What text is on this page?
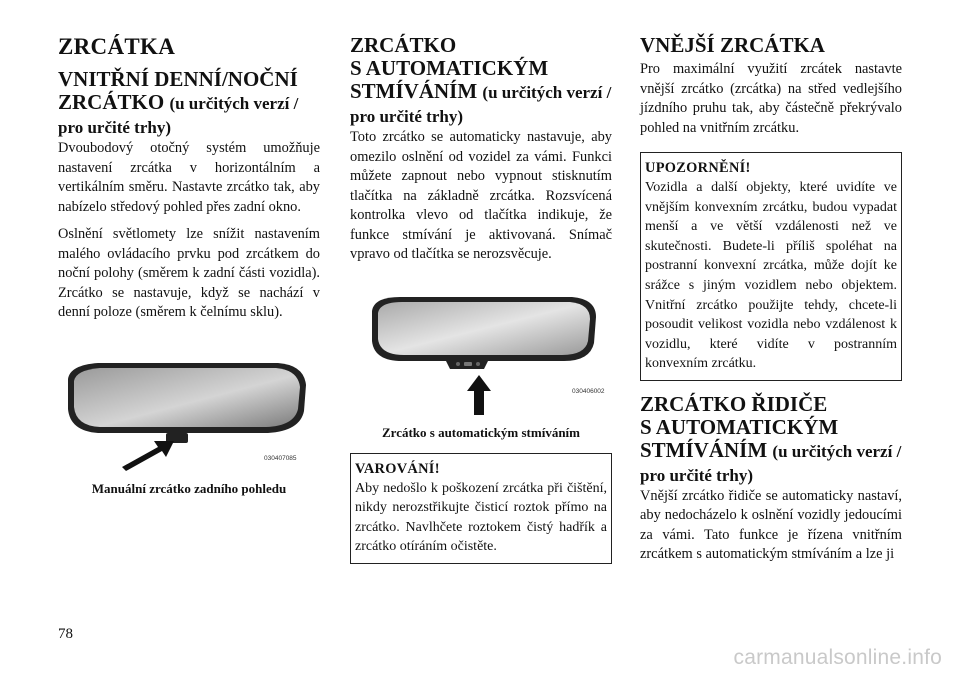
ZRCÁTKA
VNITŘNÍ DENNÍ/NOČNÍ ZRCÁTKO (u určitých verzí / pro určité trhy)

Dvoubodový otočný systém umožňuje nastavení zrcátka v horizontálním a vertikálním směru. Nastavte zrcátko tak, aby nabízelo středový pohled přes zadní okno.

Oslnění světlomety lze snížit nastavením malého ovládacího prvku pod zrcátkem do noční polohy (směrem k zadní části vozidla). Zrcátko se nastavuje, když se nachází v denní poloze (směrem k čelnímu sklu).

030407085
Manuální zrcátko zadního pohledu
ZRCÁTKO
S AUTOMATICKÝM
STMÍVÁNÍM (u určitých verzí / pro určité trhy)

Toto zrcátko se automaticky nastavuje, aby omezilo oslnění od vozidel za vámi. Funkci můžete zapnout nebo vypnout stisknutím tlačítka na základně zrcátka. Rozsvícená kontrolka vlevo od tlačítka indikuje, že funkce stmívání je aktivovaná. Snímač vpravo od tlačítka se nerozsvěcuje.

030406002
Zrcátko s automatickým stmíváním
VAROVÁNÍ!

Aby nedošlo k poškození zrcátka při čištění, nikdy nerozstřikujte čisticí roztok přímo na zrcátko. Navlhčete roztokem čistý hadřík a zrcátko otíráním očistěte.

VNĚJŠÍ ZRCÁTKA

Pro maximální využití zrcátek nastavte vnější zrcátko (zrcátka) na střed vedlejšího jízdního pruhu tak, aby částečně překrývalo pohled na vnitřním zrcátku.

UPOZORNĚNÍ!

Vozidla a další objekty, které uvidíte ve vnějším konvexním zrcátku, budou vypadat menší a ve větší vzdálenosti než ve skutečnosti. Budete-li příliš spoléhat na postranní konvexní zrcátka, může dojít ke srážce s jiným vozidlem nebo objektem. Vnitřní zrcátko použijte tehdy, chcete-li posoudit velikost vozidla nebo vzdálenost k vozidlu, které vidíte v postranním konvexním zrcátku.

ZRCÁTKO ŘIDIČE
S AUTOMATICKÝM
STMÍVÁNÍM (u určitých verzí / pro určité trhy)

Vnější zrcátko řidiče se automaticky nastaví, aby nedocházelo k oslnění vozidly jedoucími za vámi. Tato funkce je řízena vnitřním zrcátkem s automatickým stmíváním a lze ji

78
carmanualsonline.info
